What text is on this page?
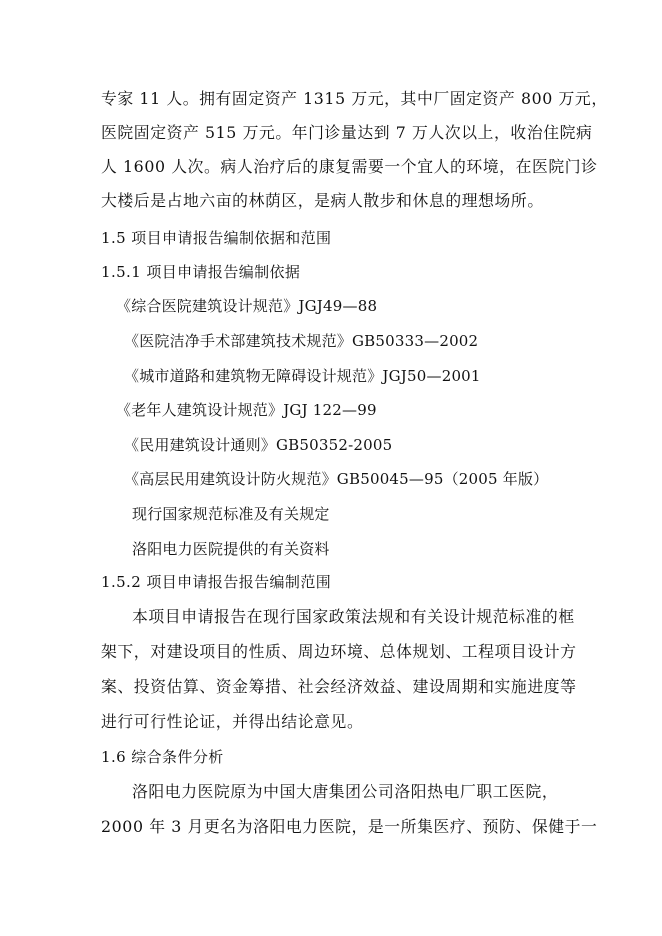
专家 11 人。拥有固定资产 1315 万元，其中厂固定资产 800 万元，
医院固定资产 515 万元。年门诊量达到 7 万人次以上，收治住院病
人 1600 人次。病人治疗后的康复需要一个宜人的环境，在医院门诊
大楼后是占地六亩的林荫区，是病人散步和休息的理想场所。
1.5 项目申请报告编制依据和范围
1.5.1 项目申请报告编制依据
《综合医院建筑设计规范》JGJ49—88
《医院洁净手术部建筑技术规范》GB50333—2002
《城市道路和建筑物无障碍设计规范》JGJ50—2001
《老年人建筑设计规范》JGJ 122—99
《民用建筑设计通则》GB50352-2005
《高层民用建筑设计防火规范》GB50045—95（2005 年版）
现行国家规范标准及有关规定
洛阳电力医院提供的有关资料
1.5.2 项目申请报告报告编制范围
本项目申请报告在现行国家政策法规和有关设计规范标准的框
架下，对建设项目的性质、周边环境、总体规划、工程项目设计方
案、投资估算、资金筹措、社会经济效益、建设周期和实施进度等
进行可行性论证，并得出结论意见。
1.6 综合条件分析
洛阳电力医院原为中国大唐集团公司洛阳热电厂职工医院，
2000 年 3 月更名为洛阳电力医院，是一所集医疗、预防、保健于一
